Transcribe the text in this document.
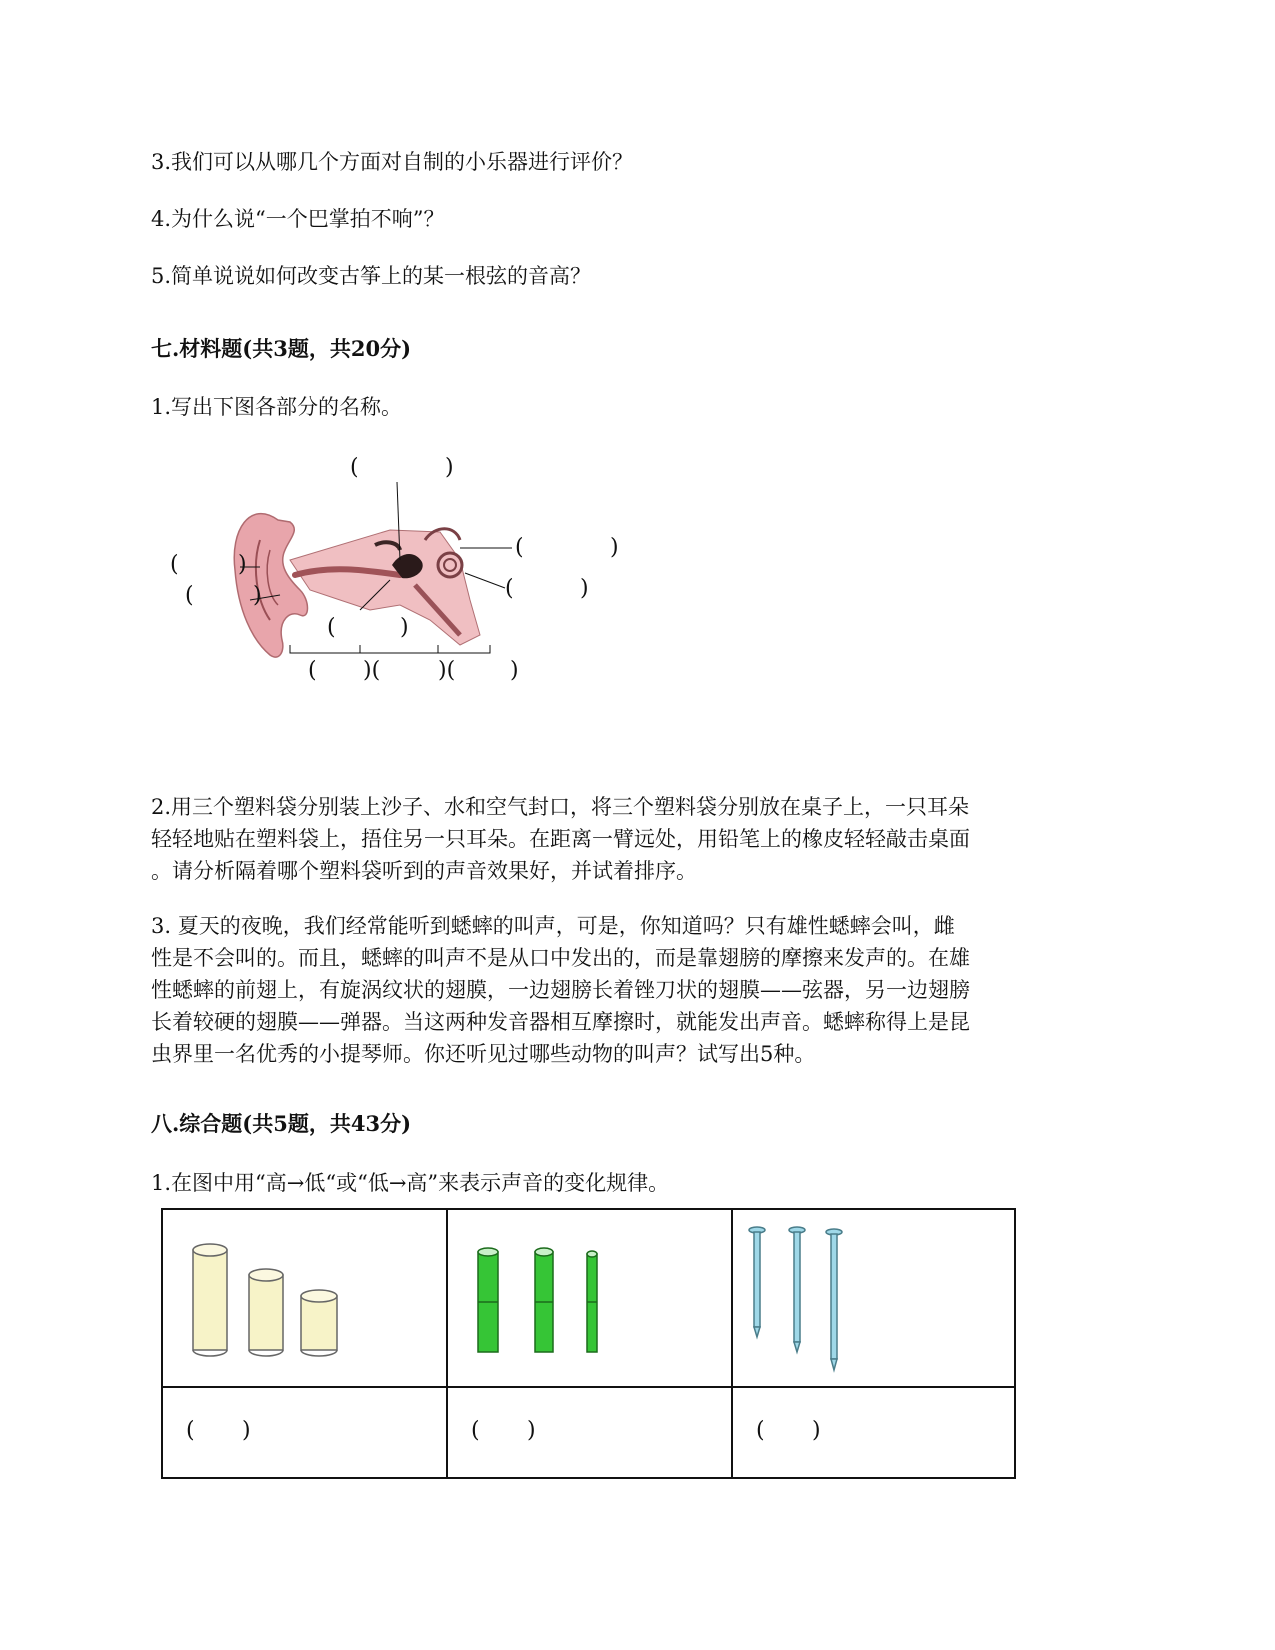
3.我们可以从哪几个方面对自制的小乐器进行评价？
4.为什么说“一个巴掌拍不响”？
5.简单说说如何改变古筝上的某一根弦的音高？
七.材料题(共3题，共20分)
1.写出下图各部分的名称。
(	)
(	)
(	)
(	)
(	)
(	)
( )(	)( )

2.用三个塑料袋分别装上沙子、水和空气封口，将三个塑料袋分别放在桌子上，一只耳朵

轻轻地贴在塑料袋上，捂住另一只耳朵。在距离一臂远处，用铅笔上的橡皮轻轻敲击桌面

。请分析隔着哪个塑料袋听到的声音效果好，并试着排序。

3. 夏天的夜晚，我们经常能听到蟋蟀的叫声，可是，你知道吗？只有雄性蟋蟀会叫，雌

性是不会叫的。而且，蟋蟀的叫声不是从口中发出的，而是靠翅膀的摩擦来发声的。在雄

性蟋蟀的前翅上，有旋涡纹状的翅膜，一边翅膀长着锉刀状的翅膜——弦器，另一边翅膀

长着较硬的翅膜——弹器。当这两种发音器相互摩擦时，就能发出声音。蟋蟀称得上是昆

虫界里一名优秀的小提琴师。你还听见过哪些动物的叫声？试写出5种。

八.综合题(共5题，共43分)
1.在图中用“高→低“或“低→高”来表示声音的变化规律。
( )	( )	( )
